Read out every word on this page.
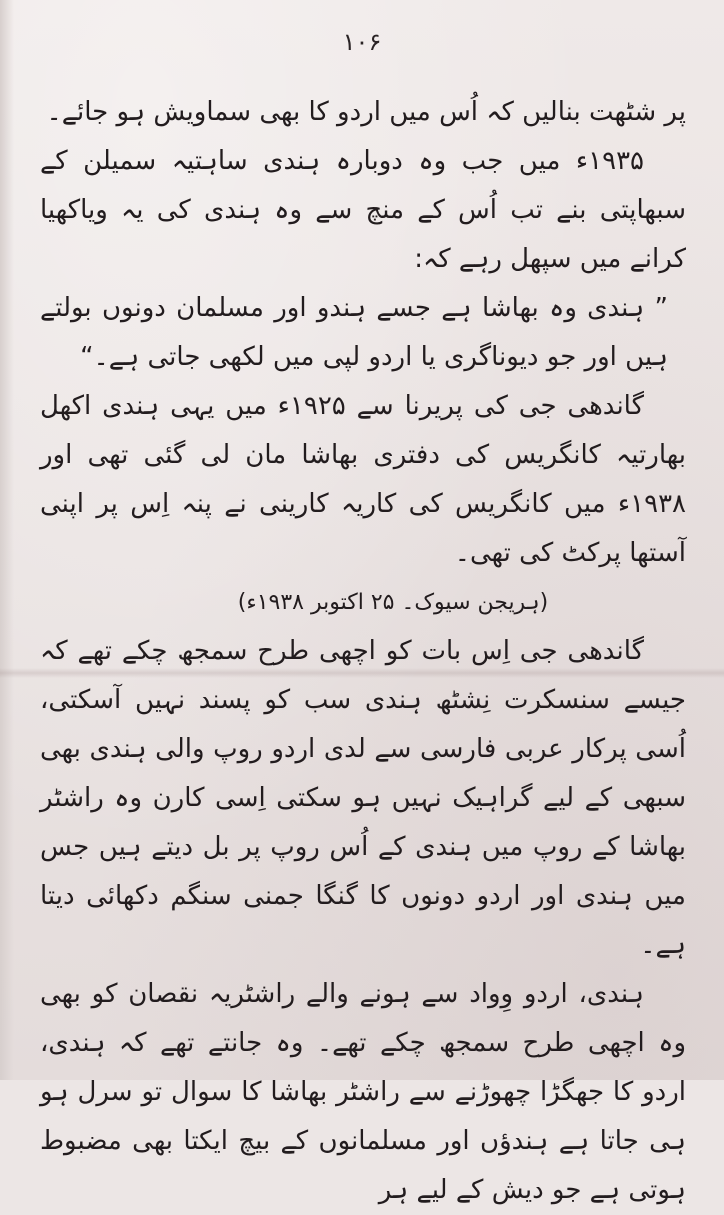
۱۰۶

پر شٹھت بنالیں کہ اُس میں اردو کا بھی سماویش ہو جائے۔

۱۹۳۵ء میں جب وہ دوبارہ ہندی ساہتیہ سمیلن کے سبھاپتی بنے تب اُس کے منچ سے وہ ہندی کی یہ ویاکھیا کرانے میں سپھل رہے کہ:

” ہندی وہ بھاشا ہے جسے ہندو اور مسلمان دونوں بولتے ہیں اور جو دیوناگری یا اردو لپی میں لکھی جاتی ہے۔“

گاندھی جی کی پریرنا سے ۱۹۲۵ء میں یہی ہندی اکھل بھارتیہ کانگریس کی دفتری بھاشا مان لی گئی تھی اور ۱۹۳۸ء میں کانگریس کی کاریہ کارینی نے پنہ اِس پر اپنی آستھا پرکٹ کی تھی۔

(ہریجن سیوک۔ ۲۵ اکتوبر ۱۹۳۸ء)

گاندھی جی اِس بات کو اچھی طرح سمجھ چکے تھے کہ جیسے سنسکرت نِشٹھ ہندی سب کو پسند نہیں آسکتی، اُسی پرکار عربی فارسی سے لدی اردو روپ والی ہندی بھی سبھی کے لیے گراہیک نہیں ہو سکتی اِسی کارن وہ راشٹر بھاشا کے روپ میں ہندی کے اُس روپ پر بل دیتے ہیں جس میں ہندی اور اردو دونوں کا گنگا جمنی سنگم دکھائی دیتا ہے۔

ہندی، اردو وِواد سے ہونے والے راشٹریہ نقصان کو بھی وہ اچھی طرح سمجھ چکے تھے۔ وہ جانتے تھے کہ ہندی، اردو کا جھگڑا چھوڑنے سے راشٹر بھاشا کا سوال تو سرل ہو ہی جاتا ہے ہندؤں اور مسلمانوں کے بیچ ایکتا بھی مضبوط ہوتی ہے جو دیش کے لیے ہر
